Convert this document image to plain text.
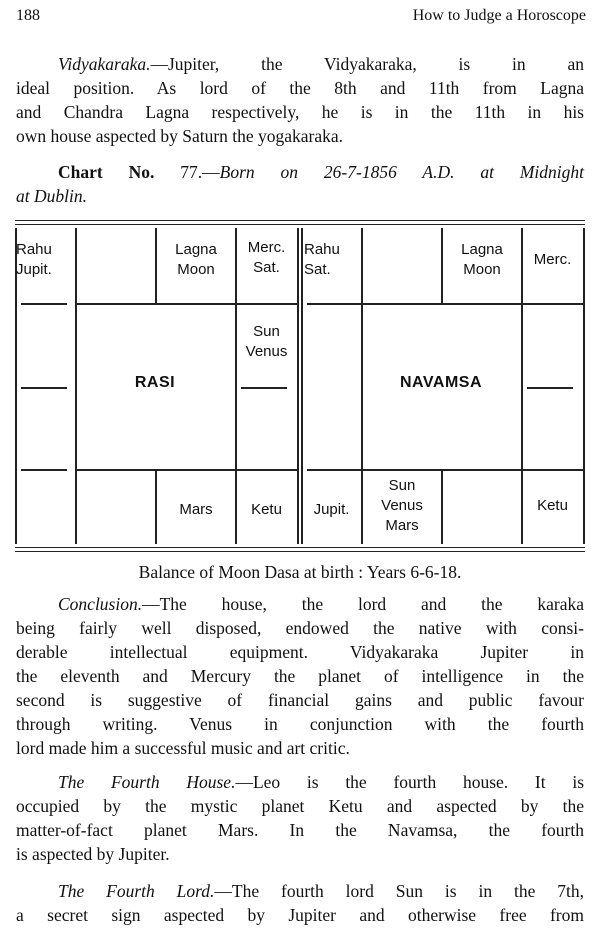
188	How to Judge a Horoscope
Vidyakaraka.—Jupiter, the Vidyakaraka, is in an
ideal position. As lord of the 8th and 11th from Lagna
and Chandra Lagna respectively, he is in the 11th in his
own house aspected by Saturn the yogakaraka.
Chart No. 77.—Born on 26-7-1856 A.D. at Midnight
at Dublin.
Rahu
Jupit.
Lagna
Moon
Merc.
Sat.
Sun
Venus
Ketu
Mars
RASI
Rahu
Sat.
Lagna
Moon
Merc.
Ketu
Sun
Venus
Mars
Jupit.
NAVAMSA
Balance of Moon Dasa at birth : Years 6-6-18.
Conclusion.—The house, the lord and the karaka
being fairly well disposed, endowed the native with consi-
derable intellectual equipment. Vidyakaraka Jupiter in
the eleventh and Mercury the planet of intelligence in the
second is suggestive of financial gains and public favour
through writing. Venus in conjunction with the fourth
lord made him a successful music and art critic.
The Fourth House.—Leo is the fourth house. It is
occupied by the mystic planet Ketu and aspected by the
matter-of-fact planet Mars. In the Navamsa, the fourth
is aspected by Jupiter.
The Fourth Lord.—The fourth lord Sun is in the 7th,
a secret sign aspected by Jupiter and otherwise free from
